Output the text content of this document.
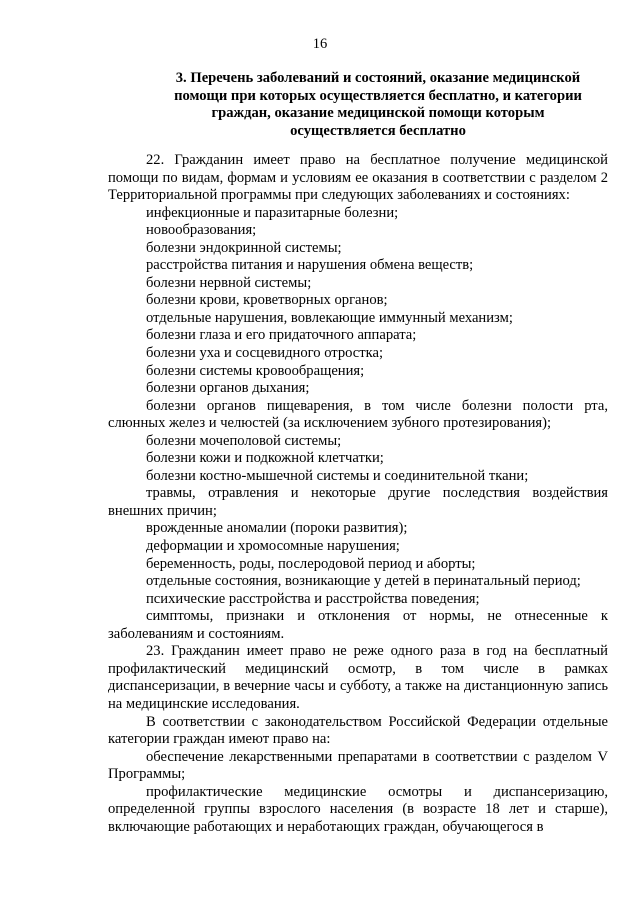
16
3. Перечень заболеваний и состояний, оказание медицинской
помощи при которых осуществляется бесплатно, и категории
граждан, оказание медицинской помощи которым
осуществляется бесплатно

22. Гражданин имеет право на бесплатное получение медицинской помощи по видам, формам и условиям ее оказания в соответствии с разделом 2 Территориальной программы при следующих заболеваниях и состояниях:

инфекционные и паразитарные болезни;

новообразования;

болезни эндокринной системы;

расстройства питания и нарушения обмена веществ;

болезни нервной системы;

болезни крови, кроветворных органов;

отдельные нарушения, вовлекающие иммунный механизм;

болезни глаза и его придаточного аппарата;

болезни уха и сосцевидного отростка;

болезни системы кровообращения;

болезни органов дыхания;

болезни органов пищеварения, в том числе болезни полости рта, слюнных желез и челюстей (за исключением зубного протезирования);

болезни мочеполовой системы;

болезни кожи и подкожной клетчатки;

болезни костно-мышечной системы и соединительной ткани;

травмы, отравления и некоторые другие последствия воздействия внешних причин;

врожденные аномалии (пороки развития);

деформации и хромосомные нарушения;

беременность, роды, послеродовой период и аборты;

отдельные состояния, возникающие у детей в перинатальный период;

психические расстройства и расстройства поведения;

симптомы, признаки и отклонения от нормы, не отнесенные к заболеваниям и состояниям.

23. Гражданин имеет право не реже одного раза в год на бесплатный профилактический медицинский осмотр, в том числе в рамках диспансеризации, в вечерние часы и субботу, а также на дистанционную запись на медицинские исследования.

В соответствии с законодательством Российской Федерации отдельные категории граждан имеют право на:

обеспечение лекарственными препаратами в соответствии с разделом V Программы;

профилактические медицинские осмотры и диспансеризацию, определенной группы взрослого населения (в возрасте 18 лет и старше), включающие работающих и неработающих граждан, обучающегося в
